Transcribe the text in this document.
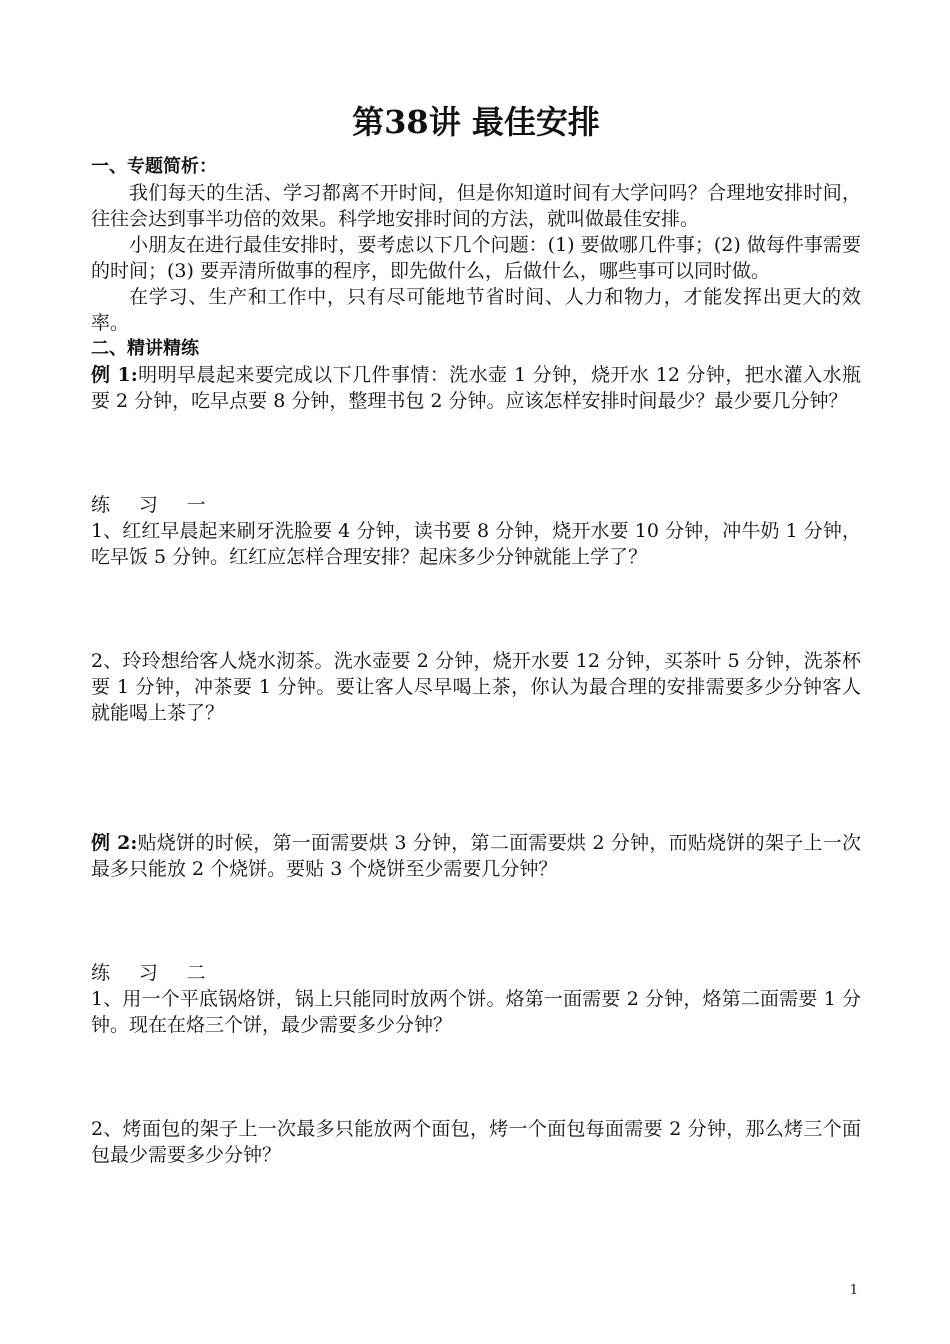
第38讲 最佳安排
一、专题简析：

我们每天的生活、学习都离不开时间，但是你知道时间有大学问吗？合理地安排时间，往往会达到事半功倍的效果。科学地安排时间的方法，就叫做最佳安排。

小朋友在进行最佳安排时，要考虑以下几个问题：(1) 要做哪几件事；(2) 做每件事需要的时间；(3) 要弄清所做事的程序，即先做什么，后做什么，哪些事可以同时做。

在学习、生产和工作中，只有尽可能地节省时间、人力和物力，才能发挥出更大的效率。

二、精讲精练

例 1:明明早晨起来要完成以下几件事情：洗水壶 1 分钟，烧开水 12 分钟，把水灌入水瓶要 2 分钟，吃早点要 8 分钟，整理书包 2 分钟。应该怎样安排时间最少？最少要几分钟？

练 习 一

1、红红早晨起来刷牙洗脸要 4 分钟，读书要 8 分钟，烧开水要 10 分钟，冲牛奶 1 分钟，吃早饭 5 分钟。红红应怎样合理安排？起床多少分钟就能上学了？

2、玲玲想给客人烧水沏茶。洗水壶要 2 分钟，烧开水要 12 分钟，买茶叶 5 分钟，洗茶杯要 1 分钟，冲茶要 1 分钟。要让客人尽早喝上茶，你认为最合理的安排需要多少分钟客人就能喝上茶了？

例 2:贴烧饼的时候，第一面需要烘 3 分钟，第二面需要烘 2 分钟，而贴烧饼的架子上一次最多只能放 2 个烧饼。要贴 3 个烧饼至少需要几分钟？

练 习 二

1、用一个平底锅烙饼，锅上只能同时放两个饼。烙第一面需要 2 分钟，烙第二面需要 1 分钟。现在在烙三个饼，最少需要多少分钟？

2、烤面包的架子上一次最多只能放两个面包，烤一个面包每面需要 2 分钟，那么烤三个面包最少需要多少分钟？

1
